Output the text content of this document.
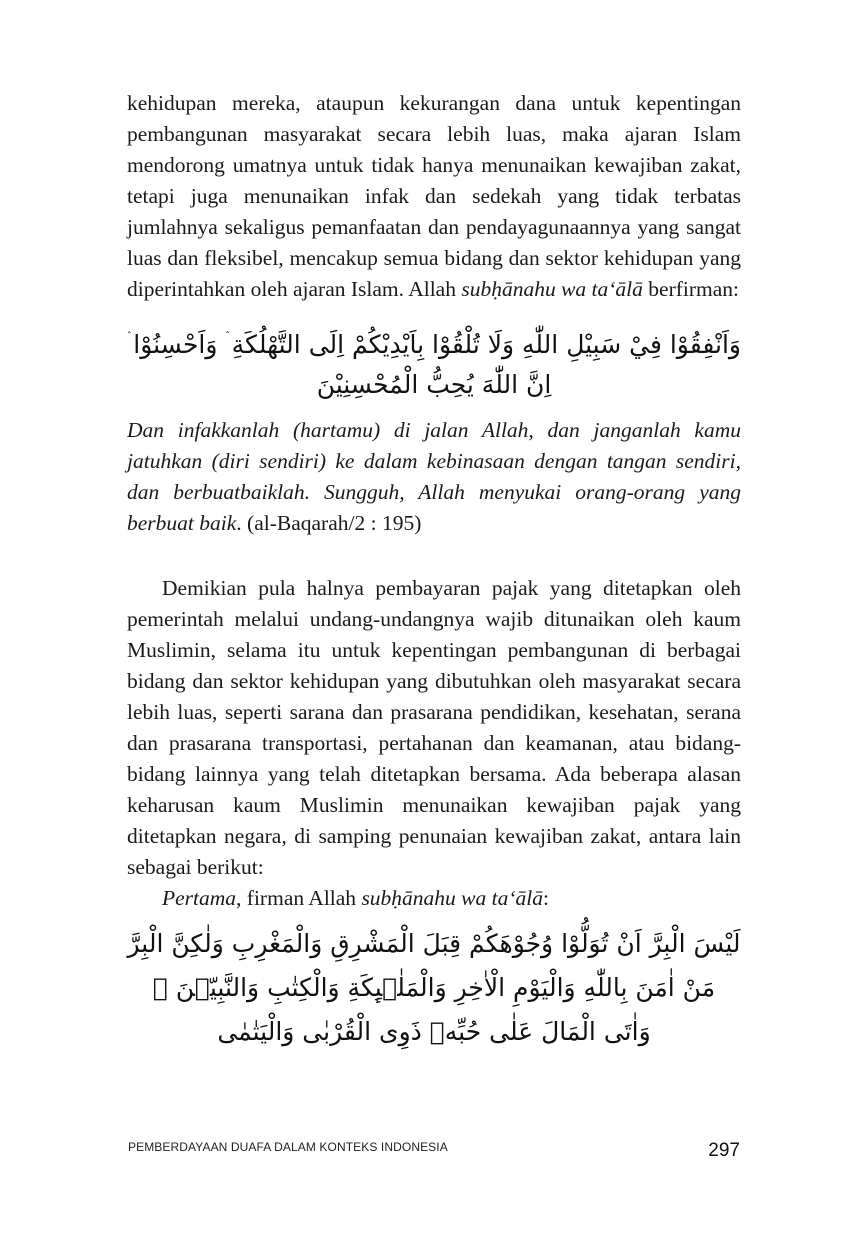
kehidupan mereka, ataupun kekurangan dana untuk kepentingan pembangunan masyarakat secara lebih luas, maka ajaran Islam mendorong umatnya untuk tidak hanya menunaikan kewajiban zakat, tetapi juga menunaikan infak dan sedekah yang tidak terbatas jumlahnya sekaligus pemanfaatan dan pendayagunaannya yang sangat luas dan fleksibel, mencakup semua bidang dan sektor kehidupan yang diperintahkan oleh ajaran Islam. Allah subḥānahu wa ta‘ālā berfirman:

وَاَنْفِقُوْا فِيْ سَبِيْلِ اللّٰهِ وَلَا تُلْقُوْا بِاَيْدِيْكُمْ اِلَى التَّهْلُكَةِ ۛ وَاَحْسِنُوْا ۛ اِنَّ اللّٰهَ يُحِبُّ الْمُحْسِنِيْنَ

Dan infakkanlah (hartamu) di jalan Allah, dan janganlah kamu jatuhkan (diri sendiri) ke dalam kebinasaan dengan tangan sendiri, dan berbuatbaiklah. Sungguh, Allah menyukai orang-orang yang berbuat baik. (al-Baqarah/2 : 195)

Demikian pula halnya pembayaran pajak yang ditetapkan oleh pemerintah melalui undang-undangnya wajib ditunaikan oleh kaum Muslimin, selama itu untuk kepentingan pembangunan di berbagai bidang dan sektor kehidupan yang dibutuhkan oleh masyarakat secara lebih luas, seperti sarana dan prasarana pendidikan, kesehatan, serana dan prasarana transportasi, pertahanan dan keamanan, atau bidang-bidang lainnya yang telah ditetapkan bersama. Ada beberapa alasan keharusan kaum Muslimin menunaikan kewajiban pajak yang ditetapkan negara, di samping penunaian kewajiban zakat, antara lain sebagai berikut:

Pertama, firman Allah subḥānahu wa ta‘ālā:

لَيْسَ الْبِرَّ اَنْ تُوَلُّوْا وُجُوْهَكُمْ قِبَلَ الْمَشْرِقِ وَالْمَغْرِبِ وَلٰكِنَّ الْبِرَّ مَنْ اٰمَنَ بِاللّٰهِ وَالْيَوْمِ الْاٰخِرِ وَالْمَلٰۤىِٕكَةِ وَالْكِتٰبِ وَالنَّبِيّٖنَ ۚ وَاٰتَى الْمَالَ عَلٰى حُبِّهٖ ذَوِى الْقُرْبٰى وَالْيَتٰمٰى

PEMBERDAYAAN DUAFA DALAM KONTEKS INDONESIA	297
